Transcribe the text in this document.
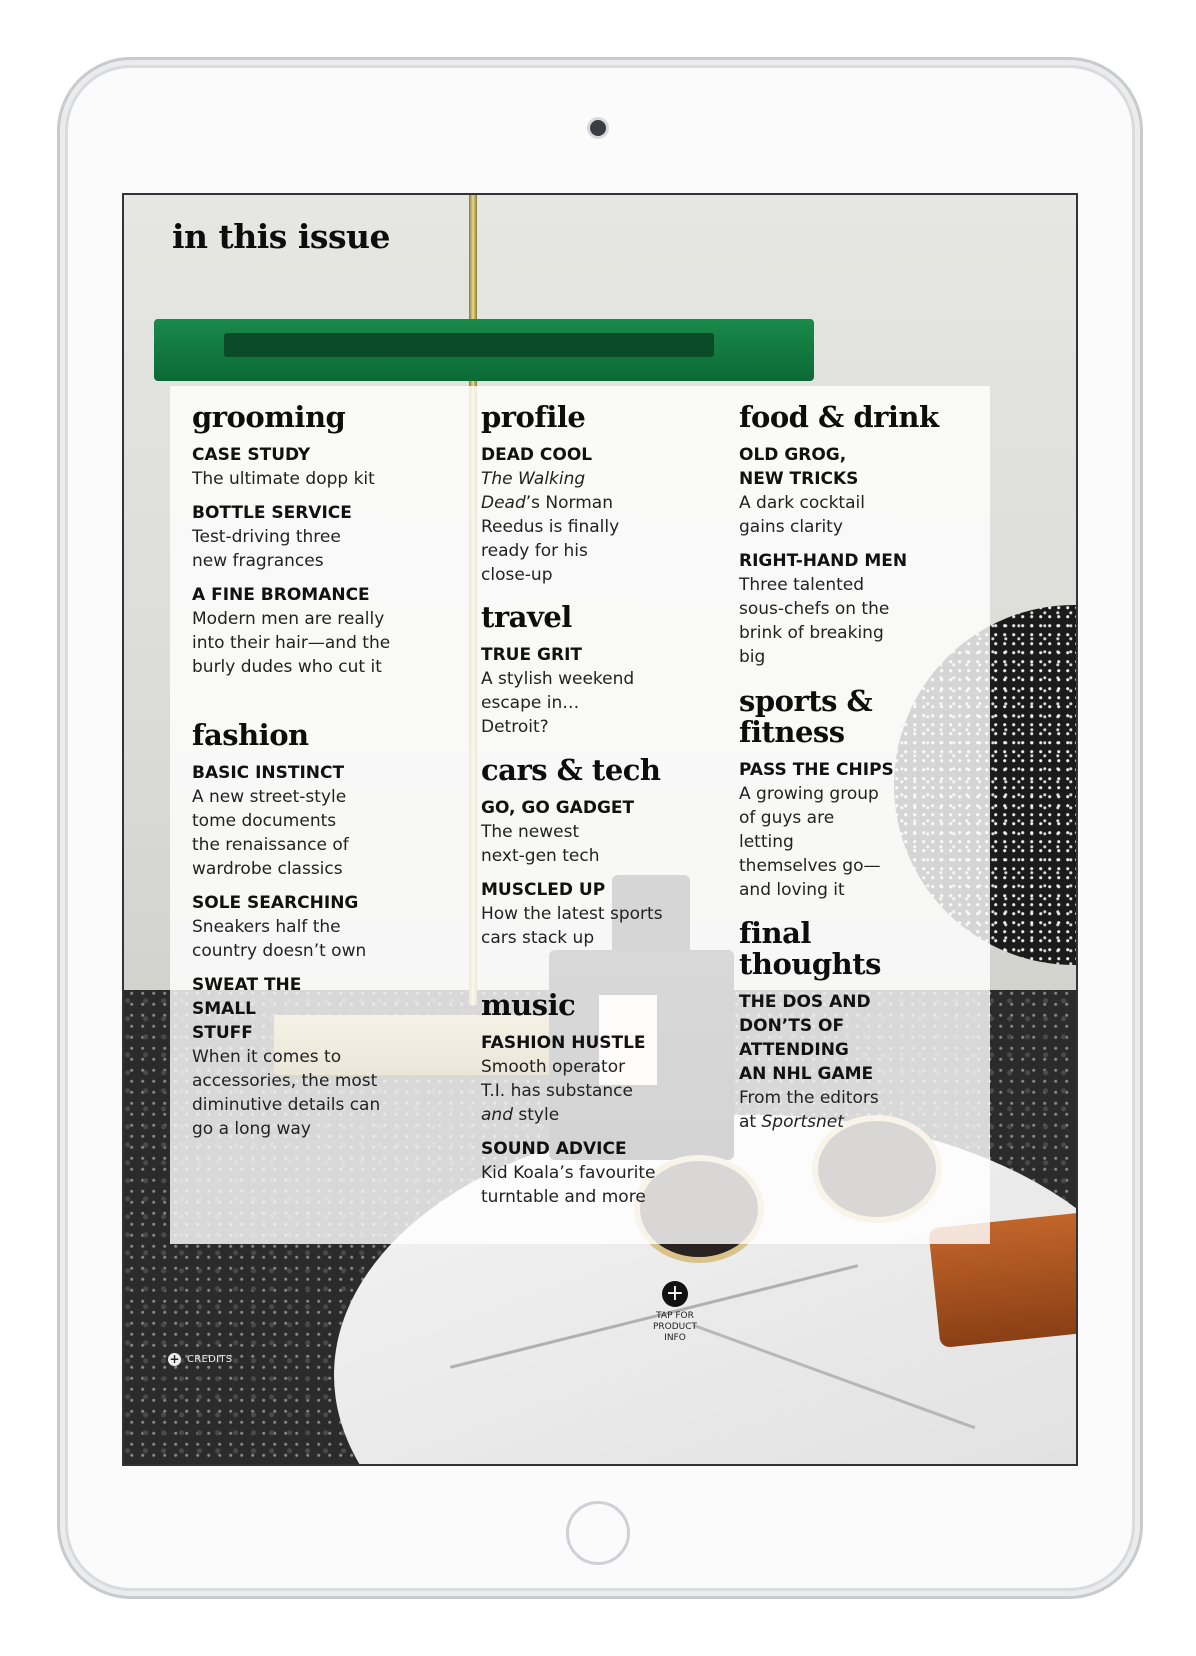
in this issue
grooming
CASE STUDY
The ultimate dopp kit
BOTTLE SERVICE
Test-driving three new fragrances
A FINE BROMANCE
Modern men are really into their hair—and the burly dudes who cut it
fashion
BASIC INSTINCT
A new street-style tome documents the renaissance of wardrobe classics
SOLE SEARCHING
Sneakers half the country doesn’t own
SWEAT THE SMALL STUFF
When it comes to accessories, the most diminutive details can go a long way
profile
DEAD COOL
The Walking Dead’s Norman Reedus is finally ready for his close-up
travel
TRUE GRIT
A stylish weekend escape in…Detroit?
cars & tech
GO, GO GADGET
The newest next-gen tech
MUSCLED UP
How the latest sports cars stack up
music
FASHION HUSTLE
Smooth operator T.I. has substance and style
SOUND ADVICE
Kid Koala’s favourite turntable and more
food & drink
OLD GROG, NEW TRICKS
A dark cocktail gains clarity
RIGHT-HAND MEN
Three talented sous-chefs on the brink of breaking big
sports & fitness
PASS THE CHIPS
A growing group of guys are letting themselves go—and loving it
final thoughts
THE DOS AND DON’TS OF ATTENDING AN NHL GAME
From the editors at Sportsnet
+
TAP FOR PRODUCT INFO
+ CREDITS
